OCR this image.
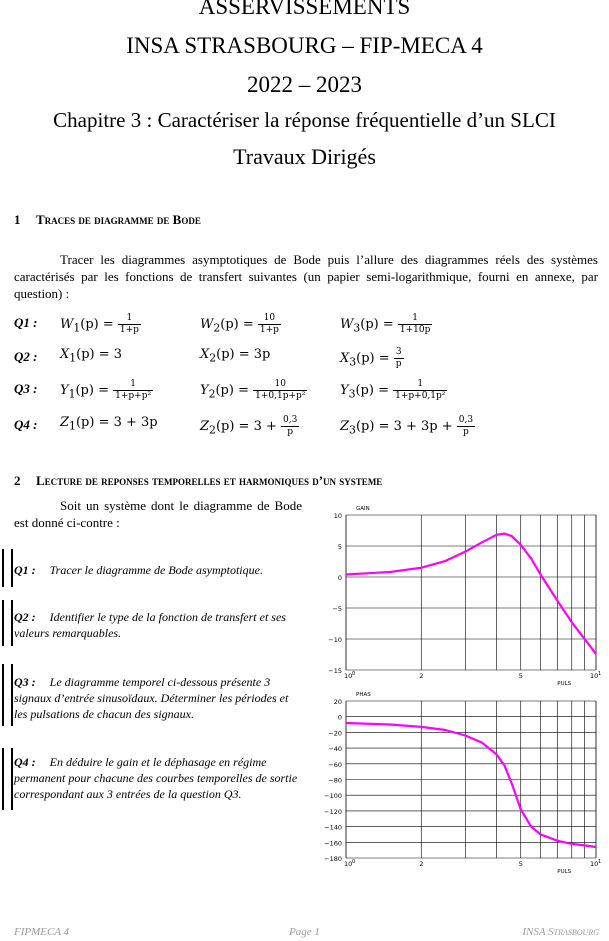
ASSERVISSEMENTS
INSA STRASBOURG – FIP-MECA 4
2022 – 2023
Chapitre 3 : Caractériser la réponse fréquentielle d’un SLCI
Travaux Dirigés
1 Traces de diagramme de Bode
Tracer les diagrammes asymptotiques de Bode puis l’allure des diagrammes réels des systèmes caractérisés par les fonctions de transfert suivantes (un papier semi-logarithmique, fourni en annexe, par question) :
Q1 : $W_1(p) = \frac{1}{1+p}$	$W_2(p) = \frac{10}{1+p}$	$W_3(p) = \frac{1}{1+10p}$
Q2 : $X_1(p) = 3$	$X_2(p) = 3p$	$X_3(p) = \frac{3}{p}$
Q3 : $Y_1(p) = \frac{1}{\text{1+p+p²}}$	$Y_2(p) = \frac{10}{\text{1+0,1p+p²}}$	$Y_3(p) = \frac{1}{\text{1+p+0,1p²}}$
Q4 : $Z_1(p) = 3 + 3p$	$Z_2(p) = 3 + \frac{0,3}{p}$	$Z_3(p) = 3 + 3p + \frac{0,3}{p}$
2 Lecture de reponses temporelles et harmoniques d’un systeme
Soit un système dont le diagramme de Bode est donné ci-contre :
Q1 : Tracer le diagramme de Bode asymptotique.
Q2 : Identifier le type de la fonction de transfert et ses valeurs remarquables.
Q3 : Le diagramme temporel ci-dessous présente 3 signaux d’entrée sinusoïdaux. Déterminer les périodes et les pulsations de chacun des signaux.
Q4 : En déduire le gain et le déphasage en régime permanent pour chacune des courbes temporelles de sortie correspondant aux 3 entrées de la question Q3.
10
5
0
−5
−10
−15
10 0	2	5	10 1
GAIN
PULS
20
0
−20
−40
−60
−80
−100
−120
−140
−160
−180
10 0	2	5	10 1
PHAS
PULS
FIPMECA 4	Page 1	INSA Strasbourg
